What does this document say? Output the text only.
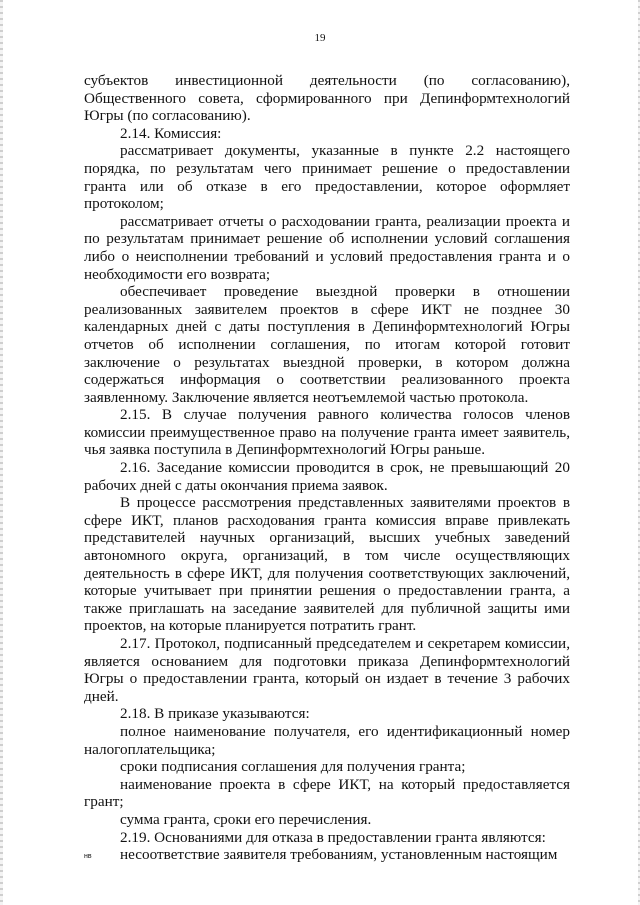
19

субъектов инвестиционной деятельности (по согласованию), Общественного совета, сформированного при Депинформтехнологий Югры (по согласованию).

2.14. Комиссия:

рассматривает документы, указанные в пункте 2.2 настоящего порядка, по результатам чего принимает решение о предоставлении гранта или об отказе в его предоставлении, которое оформляет протоколом;

рассматривает отчеты о расходовании гранта, реализации проекта и по результатам принимает решение об исполнении условий соглашения либо о неисполнении требований и условий предоставления гранта и о необходимости его возврата;

обеспечивает проведение выездной проверки в отношении реализованных заявителем проектов в сфере ИКТ не позднее 30 календарных дней с даты поступления в Депинформтехнологий Югры отчетов об исполнении соглашения, по итогам которой готовит заключение о результатах выездной проверки, в котором должна содержаться информация о соответствии реализованного проекта заявленному. Заключение является неотъемлемой частью протокола.

2.15. В случае получения равного количества голосов членов комиссии преимущественное право на получение гранта имеет заявитель, чья заявка поступила в Депинформтехнологий Югры раньше.

2.16. Заседание комиссии проводится в срок, не превышающий 20 рабочих дней с даты окончания приема заявок.

В процессе рассмотрения представленных заявителями проектов в сфере ИКТ, планов расходования гранта комиссия вправе привлекать представителей научных организаций, высших учебных заведений автономного округа, организаций, в том числе осуществляющих деятельность в сфере ИКТ, для получения соответствующих заключений, которые учитывает при принятии решения о предоставлении гранта, а также приглашать на заседание заявителей для публичной защиты ими проектов, на которые планируется потратить грант.

2.17. Протокол, подписанный председателем и секретарем комиссии, является основанием для подготовки приказа Депинформтехнологий Югры о предоставлении гранта, который он издает в течение 3 рабочих дней.

2.18. В приказе указываются:

полное наименование получателя, его идентификационный номер налогоплательщика;

сроки подписания соглашения для получения гранта;

наименование проекта в сфере ИКТ, на который предоставляется грант;

сумма гранта, сроки его перечисления.

2.19. Основаниями для отказа в предоставлении гранта являются:

несоответствие заявителя требованиям, установленным настоящим

нв
